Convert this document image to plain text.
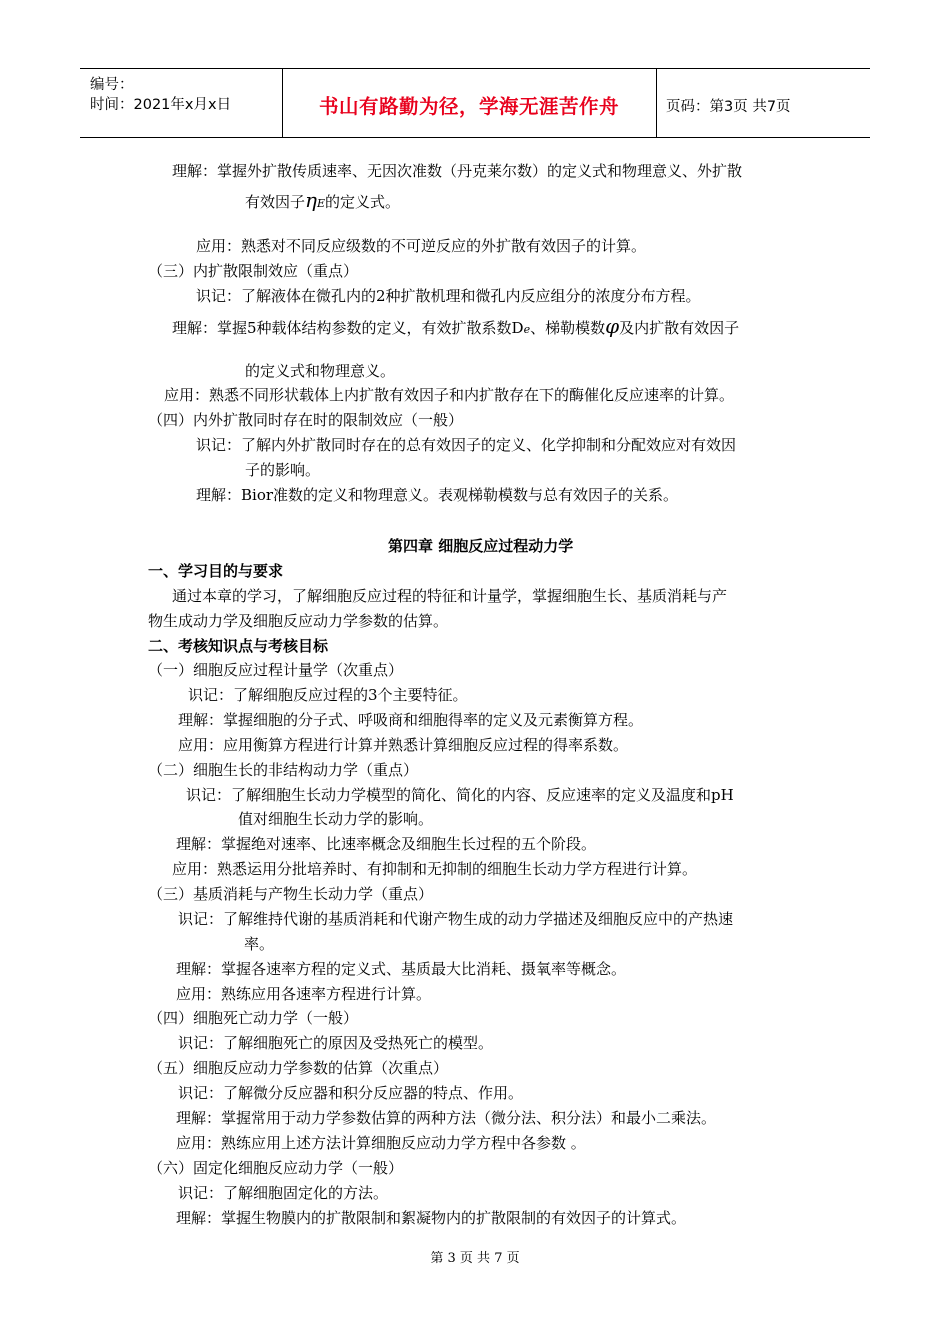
编号：
时间：2021年x月x日	书山有路勤为径，学海无涯苦作舟	页码：第3页 共7页
理解：掌握外扩散传质速率、无因次准数（丹克莱尔数）的定义式和物理意义、外扩散
有效因子ηE的定义式。
应用：熟悉对不同反应级数的不可逆反应的外扩散有效因子的计算。
（三）内扩散限制效应（重点）
识记：了解液体在微孔内的2种扩散机理和微孔内反应组分的浓度分布方程。
理解：掌握5种载体结构参数的定义，有效扩散系数De、梯勒模数φ及内扩散有效因子
的定义式和物理意义。
应用：熟悉不同形状载体上内扩散有效因子和内扩散存在下的酶催化反应速率的计算。
（四）内外扩散同时存在时的限制效应（一般）
识记：了解内外扩散同时存在的总有效因子的定义、化学抑制和分配效应对有效因
子的影响。
理解：Bior准数的定义和物理意义。表观梯勒模数与总有效因子的关系。
第四章 细胞反应过程动力学
一、学习目的与要求
通过本章的学习，了解细胞反应过程的特征和计量学，掌握细胞生长、基质消耗与产
物生成动力学及细胞反应动力学参数的估算。
二、考核知识点与考核目标
（一）细胞反应过程计量学（次重点）
识记：了解细胞反应过程的3个主要特征。
理解：掌握细胞的分子式、呼吸商和细胞得率的定义及元素衡算方程。
应用：应用衡算方程进行计算并熟悉计算细胞反应过程的得率系数。
（二）细胞生长的非结构动力学（重点）
识记：了解细胞生长动力学模型的简化、简化的内容、反应速率的定义及温度和pH
值对细胞生长动力学的影响。
理解：掌握绝对速率、比速率概念及细胞生长过程的五个阶段。
应用：熟悉运用分批培养时、有抑制和无抑制的细胞生长动力学方程进行计算。
（三）基质消耗与产物生长动力学（重点）
识记：了解维持代谢的基质消耗和代谢产物生成的动力学描述及细胞反应中的产热速
率。
理解：掌握各速率方程的定义式、基质最大比消耗、摄氧率等概念。
应用：熟练应用各速率方程进行计算。
（四）细胞死亡动力学（一般）
识记：了解细胞死亡的原因及受热死亡的模型。
（五）细胞反应动力学参数的估算（次重点）
识记：了解微分反应器和积分反应器的特点、作用。
理解：掌握常用于动力学参数估算的两种方法（微分法、积分法）和最小二乘法。
应用：熟练应用上述方法计算细胞反应动力学方程中各参数 。
（六）固定化细胞反应动力学（一般）
识记：了解细胞固定化的方法。
理解：掌握生物膜内的扩散限制和絮凝物内的扩散限制的有效因子的计算式。
第 3 页 共 7 页
